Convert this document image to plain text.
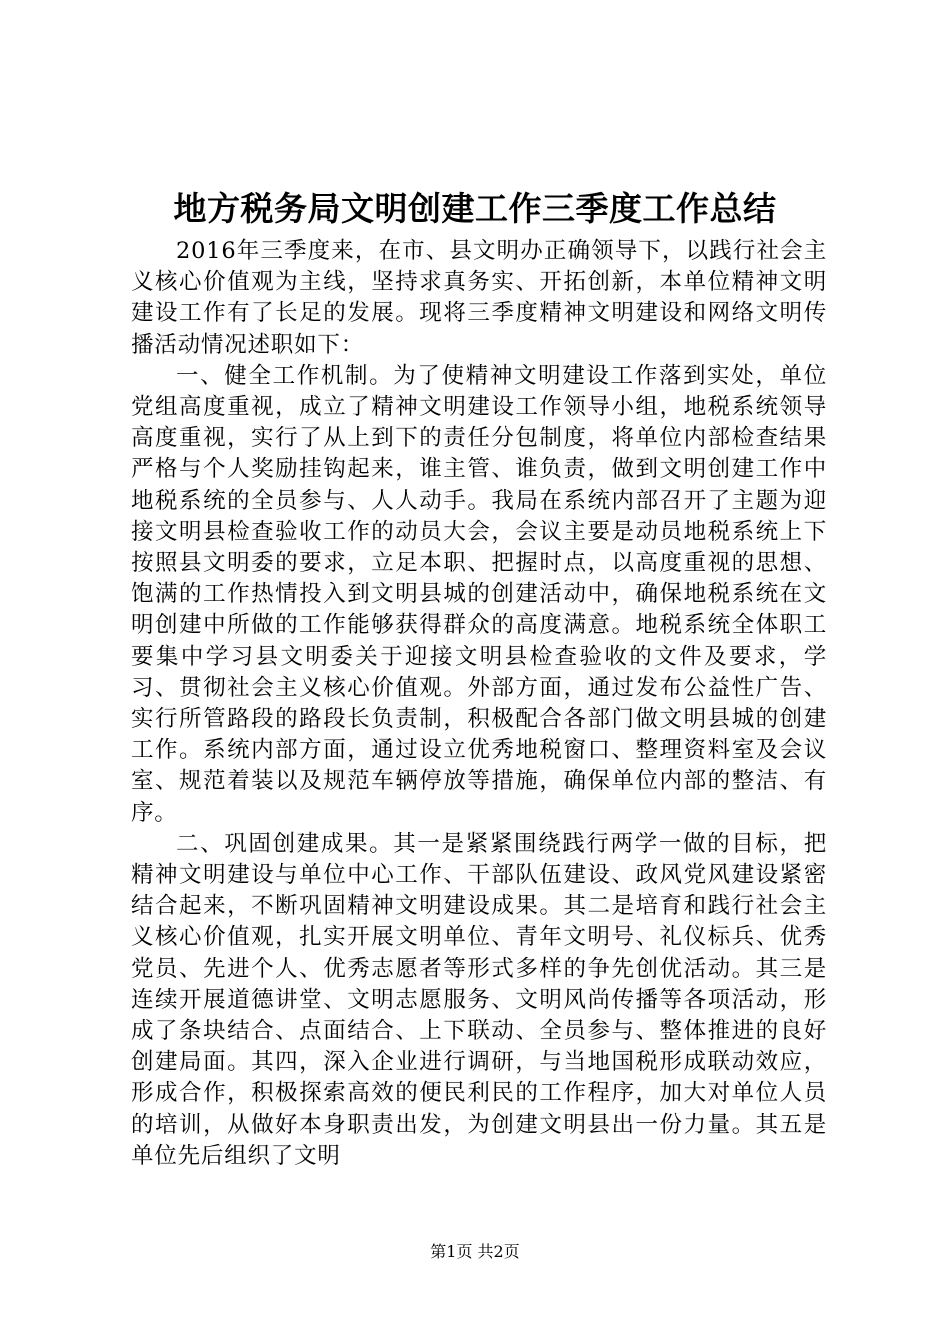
地方税务局文明创建工作三季度工作总结

2016年三季度来，在市、县文明办正确领导下，以践行社会主义核心价值观为主线，坚持求真务实、开拓创新，本单位精神文明建设工作有了长足的发展。现将三季度精神文明建设和网络文明传播活动情况述职如下：

一、健全工作机制。为了使精神文明建设工作落到实处，单位党组高度重视，成立了精神文明建设工作领导小组，地税系统领导高度重视，实行了从上到下的责任分包制度，将单位内部检查结果严格与个人奖励挂钩起来，谁主管、谁负责，做到文明创建工作中地税系统的全员参与、人人动手。我局在系统内部召开了主题为迎接文明县检查验收工作的动员大会，会议主要是动员地税系统上下按照县文明委的要求，立足本职、把握时点，以高度重视的思想、饱满的工作热情投入到文明县城的创建活动中，确保地税系统在文明创建中所做的工作能够获得群众的高度满意。地税系统全体职工要集中学习县文明委关于迎接文明县检查验收的文件及要求，学习、贯彻社会主义核心价值观。外部方面，通过发布公益性广告、实行所管路段的路段长负责制，积极配合各部门做文明县城的创建工作。系统内部方面，通过设立优秀地税窗口、整理资料室及会议室、规范着装以及规范车辆停放等措施，确保单位内部的整洁、有序。

二、巩固创建成果。其一是紧紧围绕践行两学一做的目标，把精神文明建设与单位中心工作、干部队伍建设、政风党风建设紧密结合起来，不断巩固精神文明建设成果。其二是培育和践行社会主义核心价值观，扎实开展文明单位、青年文明号、礼仪标兵、优秀党员、先进个人、优秀志愿者等形式多样的争先创优活动。其三是连续开展道德讲堂、文明志愿服务、文明风尚传播等各项活动，形成了条块结合、点面结合、上下联动、全员参与、整体推进的良好创建局面。其四，深入企业进行调研，与当地国税形成联动效应，形成合作，积极探索高效的便民利民的工作程序，加大对单位人员的培训，从做好本身职责出发，为创建文明县出一份力量。其五是单位先后组织了文明

第1页 共2页
